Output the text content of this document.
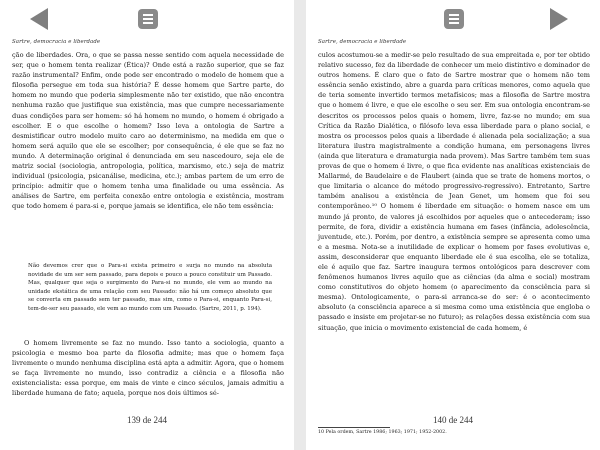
Sartre, democracia e liberdade

ção de liberdades. Ora, o que se passa nesse sentido com aquela necessidade de ser, que o homem tenta realizar (Ética)? Onde está a razão superior, que se faz razão instrumental? Enfim, onde pode ser encontrado o modelo de homem que a filosofia persegue em toda sua história? É desse homem que Sartre parte, do homem no mundo que poderia simplesmente não ter existido, que não encontra nenhuma razão que justifique sua existência, mas que cumpre necessariamente duas condições para ser homem: só há homem no mundo, o homem é obrigado a escolher. E o que escolhe o homem? Isso leva a ontologia de Sartre a desmistificar outro modelo muito caro ao determinismo, na medida em que o homem será aquilo que ele se escolher; por consequência, é ele que se faz no mundo. A determinação original é denunciada em seu nascedouro, seja ele de matriz social (sociologia, antropologia, política, marxismo, etc.) seja de matriz individual (psicologia, psicanálise, medicina, etc.); ambas partem de um erro de princípio: admitir que o homem tenha uma finalidade ou uma essência. As análises de Sartre, em perfeita conexão entre ontologia e existência, mostram que todo homem é para-si e, porque jamais se identifica, ele não tem essência:

Não devemos crer que o Para-si exista primeiro e surja no mundo na absoluta novidade de um ser sem passado, para depois e pouco a pouco constituir um Passado. Mas, qualquer que seja o surgimento do Para-si no mundo, ele vem ao mundo na unidade ekstática de uma relação com seu Passado: não há um começo absoluto que se converta em passado sem ter passado, mas sim, como o Para-si, enquanto Para-si, tem-de-ser seu passado, ele vem ao mundo com um Passado. (Sartre, 2011, p. 194).

O homem livremente se faz no mundo. Isso tanto a sociologia, quanto a psicologia e mesmo boa parte da filosofia admite; mas que o homem faça livremente o mundo nenhuma disciplina está apta a admitir. Agora, que o homem se faça livremente no mundo, isso contradiz a ciência e a filosofia não existencialista: essa porque, em mais de vinte e cinco séculos, jamais admitiu a liberdade humana de fato; aquela, porque nos dois últimos sé-

139 de 244
Sartre, democracia e liberdade

culos acostumou-se a medir-se pelo resultado de sua empreitada e, por ter obtido relativo sucesso, fez da liberdade de conhecer um meio distintivo e dominador de outros homens. É claro que o fato de Sartre mostrar que o homem não tem essência senão existindo, abre a guarda para críticas menores, como aquela que de teria somente invertido termos metafísicos; mas a filosofia de Sartre mostra que o homem é livre, e que ele escolhe o seu ser. Em sua ontologia encontram-se descritos os processos pelos quais o homem, livre, faz-se no mundo; em sua Crítica da Razão Dialética, o filósofo leva essa liberdade para o plano social, e mostra os processos pelos quais a liberdade é alienada pela socialização; a sua literatura ilustra magistralmente a condição humana, em personagens livres (ainda que literatura e dramaturgia nada provem). Mas Sartre também tem suas provas de que o homem é livre, o que fica evidente nas analíticas existenciais de Mallarmé, de Baudelaire e de Flaubert (ainda que se trate de homens mortos, o que limitaria o alcance do método progressivo-regressivo). Entretanto, Sartre também analisou a existência de Jean Genet, um homem que foi seu contemporâneo.¹⁰ O homem é liberdade em situação: o homem nasce em um mundo já pronto, de valores já escolhidos por aqueles que o antecederam; isso permite, de fora, dividir a existência humana em fases (infância, adolescência, juventude, etc.). Porém, por dentro, a existência sempre se apresenta como uma e a mesma. Nota-se a inutilidade de explicar o homem por fases evolutivas e, assim, desconsiderar que enquanto liberdade ele é sua escolha, ele se totaliza, ele é aquilo que faz. Sartre inaugura termos ontológicos para descrever com fenômenos humanos livres aquilo que as ciências (da alma e social) mostram como constitutivos do objeto homem (o aparecimento da consciência para si mesma). Ontologicamente, o para-si arranca-se do ser: é o acontecimento absoluto (a consciência aparece a si mesma como uma existência que engloba o passado e insiste em projetar-se no futuro); as relações dessa existência com sua situação, que inicia o movimento existencial de cada homem, é

10 Pela ordem, Sartre 1986; 1963; 1971; 1952-2002.
140 de 244
